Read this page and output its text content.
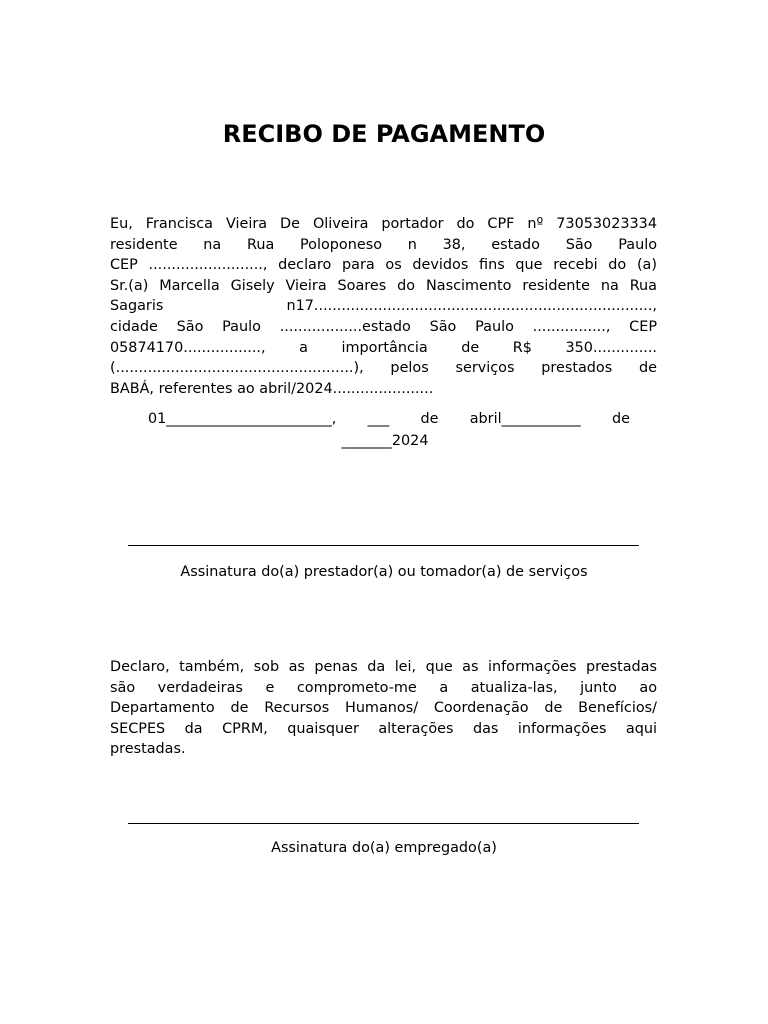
RECIBO DE PAGAMENTO
Eu, Francisca Vieira De Oliveira portador do CPF nº 73053023334
residente na Rua Poloponeso n 38, estado São Paulo
CEP ........................., declaro para os devidos fins que recebi do (a)
Sr.(a) Marcella Gisely Vieira Soares do Nascimento residente na Rua
Sagaris n17..........................................................................,
cidade São Paulo ..................estado São Paulo ................, CEP
05874170................., a importância de R$ 350..............
(....................................................), pelos serviços prestados de
BABÁ, referentes ao abril/2024......................
01_______________________, ___ de abril___________ de
_______2024

Assinatura do(a) prestador(a) ou tomador(a) de serviços

Declaro, também, sob as penas da lei, que as informações prestadas
são verdadeiras e comprometo-me a atualiza-las, junto ao
Departamento de Recursos Humanos/ Coordenação de Benefícios/
SECPES da CPRM, quaisquer alterações das informações aqui
prestadas.

Assinatura do(a) empregado(a)
